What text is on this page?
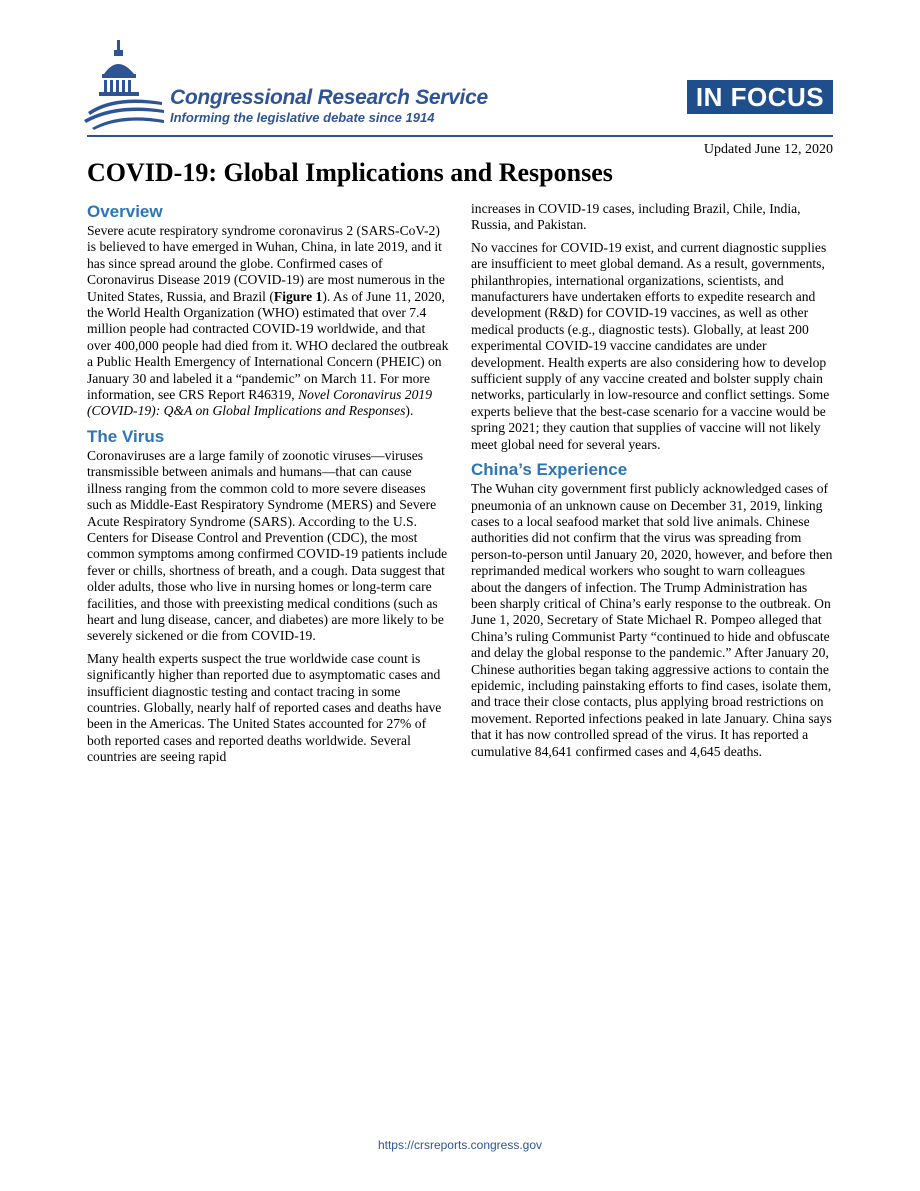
Congressional Research Service
Informing the legislative debate since 1914
IN FOCUS
Updated June 12, 2020
COVID-19: Global Implications and Responses
Overview

Severe acute respiratory syndrome coronavirus 2 (SARS-CoV-2) is believed to have emerged in Wuhan, China, in late 2019, and it has since spread around the globe. Confirmed cases of Coronavirus Disease 2019 (COVID-19) are most numerous in the United States, Russia, and Brazil (Figure 1). As of June 11, 2020, the World Health Organization (WHO) estimated that over 7.4 million people had contracted COVID-19 worldwide, and that over 400,000 people had died from it. WHO declared the outbreak a Public Health Emergency of International Concern (PHEIC) on January 30 and labeled it a “pandemic” on March 11. For more information, see CRS Report R46319, Novel Coronavirus 2019 (COVID-19): Q&A on Global Implications and Responses).

The Virus

Coronaviruses are a large family of zoonotic viruses—viruses transmissible between animals and humans—that can cause illness ranging from the common cold to more severe diseases such as Middle-East Respiratory Syndrome (MERS) and Severe Acute Respiratory Syndrome (SARS). According to the U.S. Centers for Disease Control and Prevention (CDC), the most common symptoms among confirmed COVID-19 patients include fever or chills, shortness of breath, and a cough. Data suggest that older adults, those who live in nursing homes or long-term care facilities, and those with preexisting medical conditions (such as heart and lung disease, cancer, and diabetes) are more likely to be severely sickened or die from COVID-19.

Many health experts suspect the true worldwide case count is significantly higher than reported due to asymptomatic cases and insufficient diagnostic testing and contact tracing in some countries. Globally, nearly half of reported cases and deaths have been in the Americas. The United States accounted for 27% of both reported cases and reported deaths worldwide. Several countries are seeing rapid

increases in COVID-19 cases, including Brazil, Chile, India, Russia, and Pakistan.

No vaccines for COVID-19 exist, and current diagnostic supplies are insufficient to meet global demand. As a result, governments, philanthropies, international organizations, scientists, and manufacturers have undertaken efforts to expedite research and development (R&D) for COVID-19 vaccines, as well as other medical products (e.g., diagnostic tests). Globally, at least 200 experimental COVID-19 vaccine candidates are under development. Health experts are also considering how to develop sufficient supply of any vaccine created and bolster supply chain networks, particularly in low-resource and conflict settings. Some experts believe that the best-case scenario for a vaccine would be spring 2021; they caution that supplies of vaccine will not likely meet global need for several years.

China’s Experience

The Wuhan city government first publicly acknowledged cases of pneumonia of an unknown cause on December 31, 2019, linking cases to a local seafood market that sold live animals. Chinese authorities did not confirm that the virus was spreading from person-to-person until January 20, 2020, however, and before then reprimanded medical workers who sought to warn colleagues about the dangers of infection. The Trump Administration has been sharply critical of China’s early response to the outbreak. On June 1, 2020, Secretary of State Michael R. Pompeo alleged that China’s ruling Communist Party “continued to hide and obfuscate and delay the global response to the pandemic.” After January 20, Chinese authorities began taking aggressive actions to contain the epidemic, including painstaking efforts to find cases, isolate them, and trace their close contacts, plus applying broad restrictions on movement. Reported infections peaked in late January. China says that it has now controlled spread of the virus. It has reported a cumulative 84,641 confirmed cases and 4,645 deaths.

https://crsreports.congress.gov
